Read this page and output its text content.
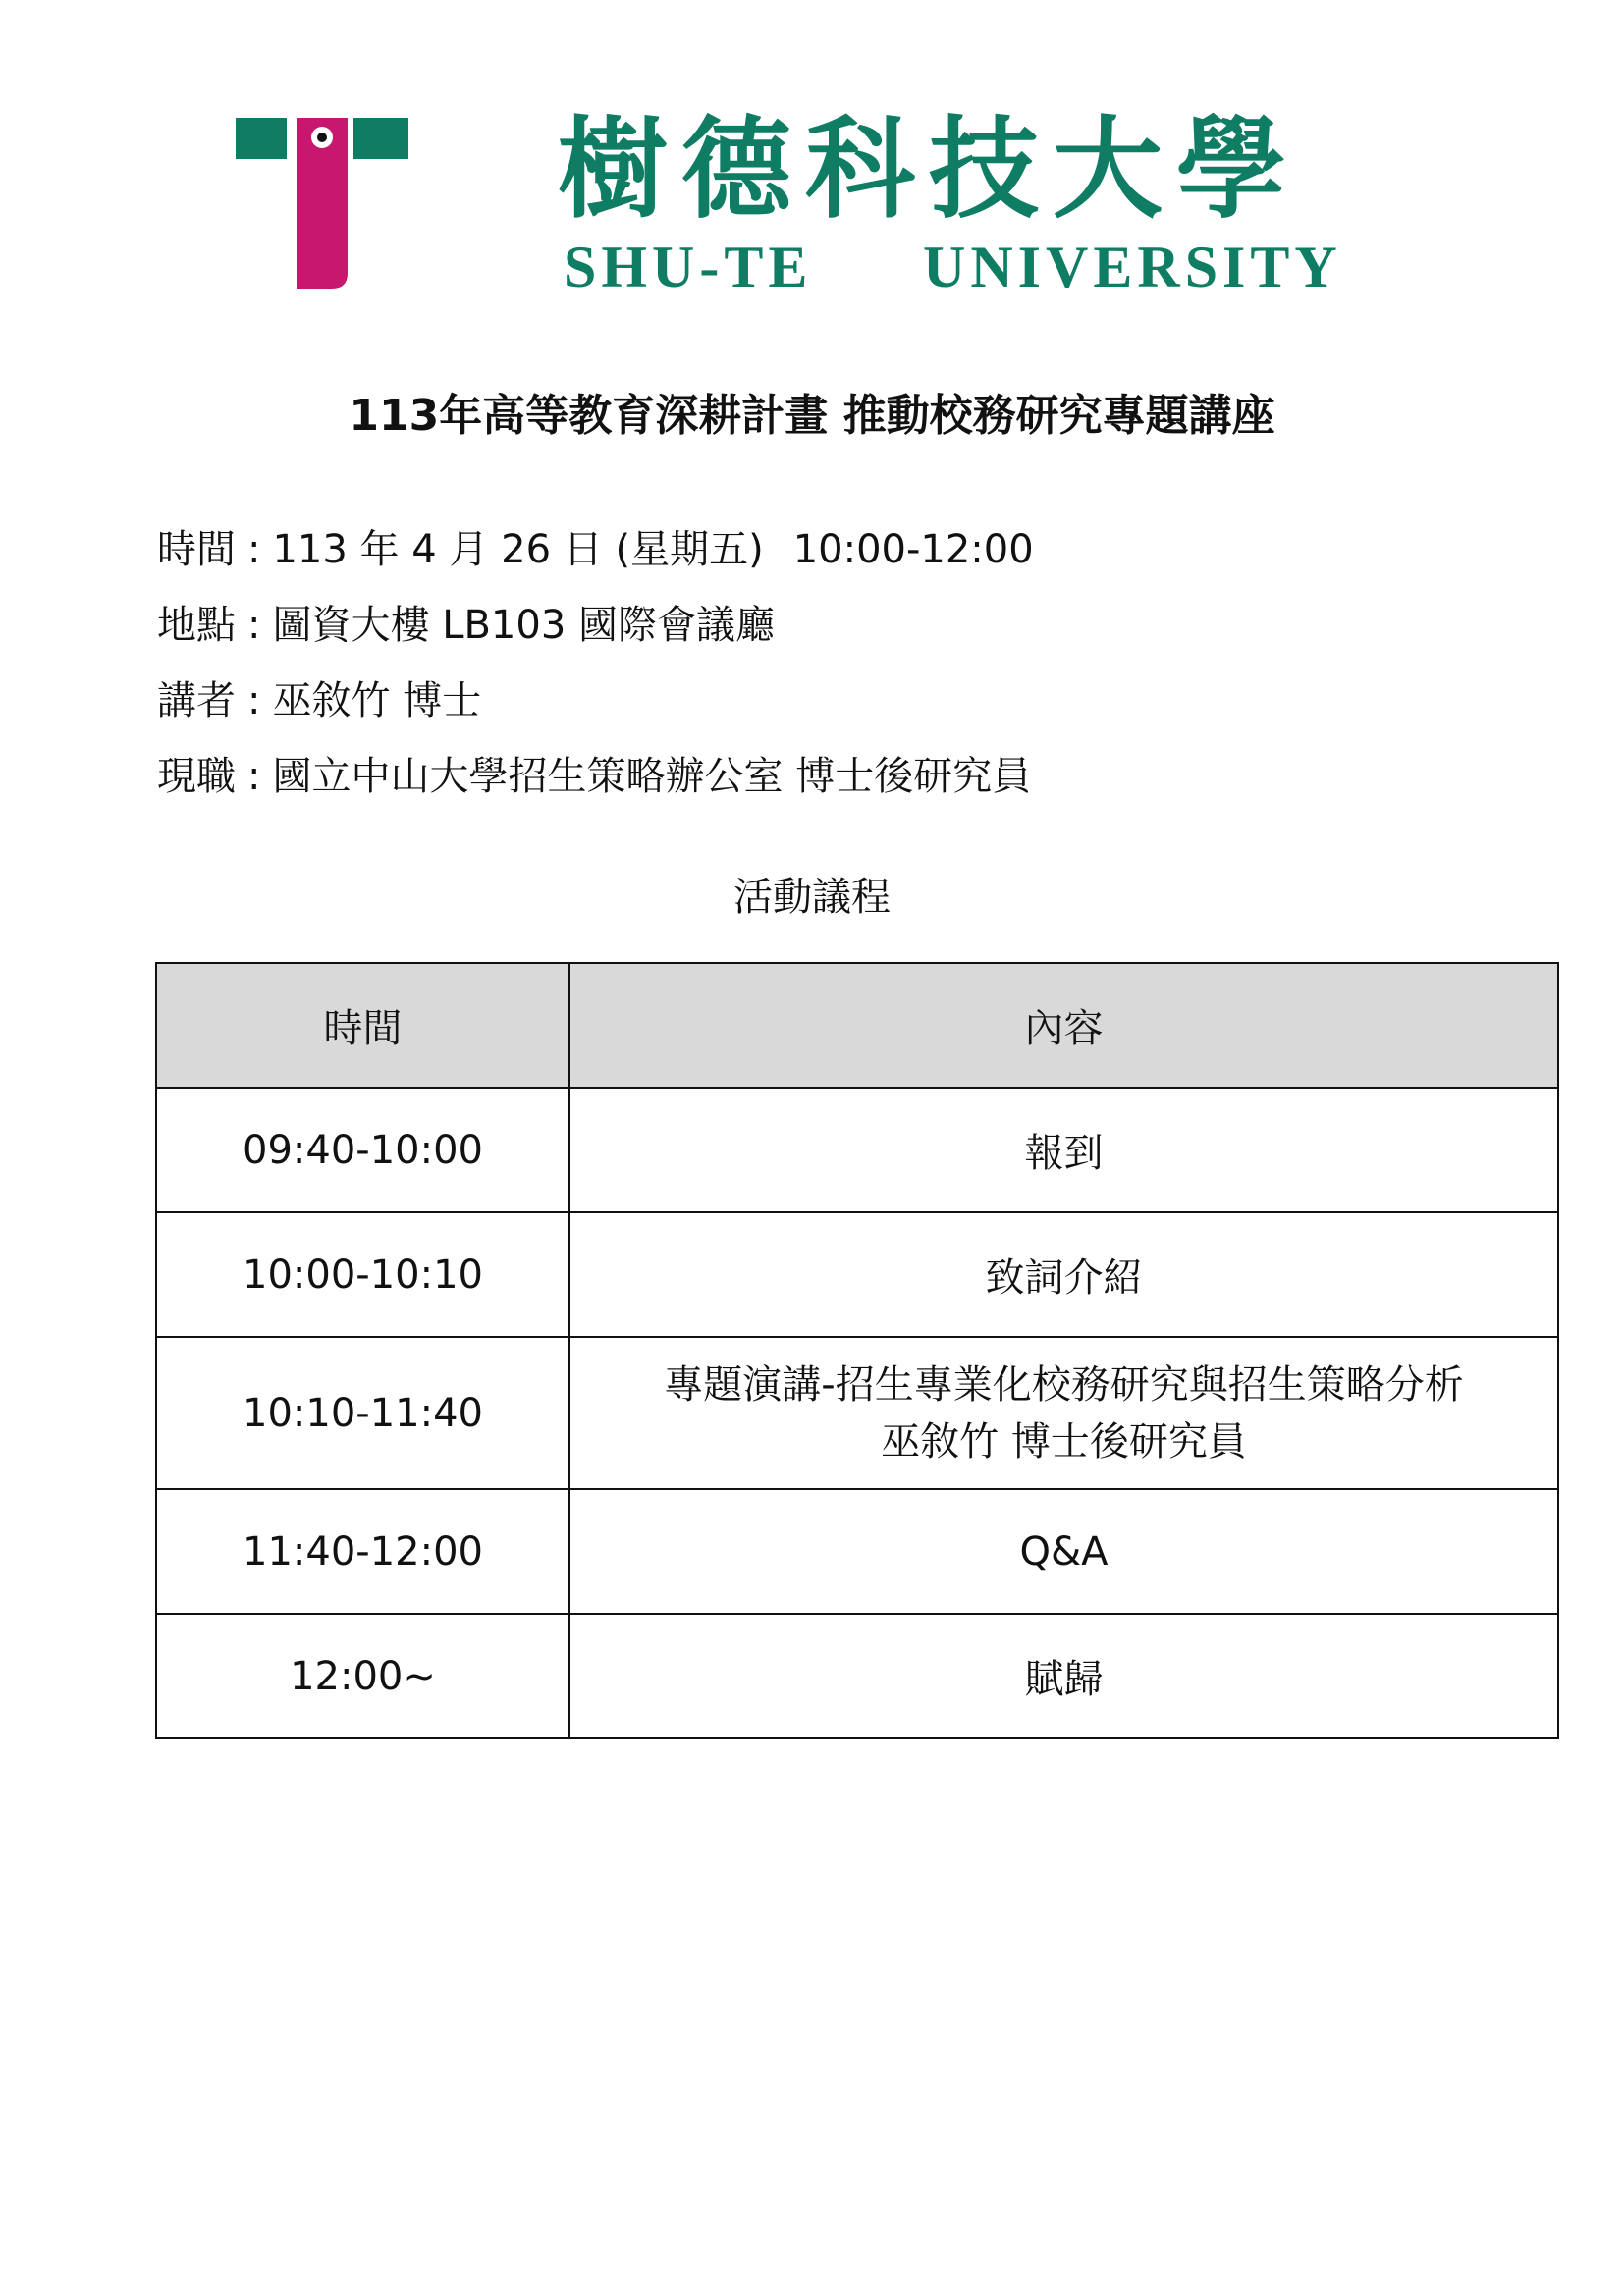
樹德科技大學
SHU-TE UNIVERSITY
113年高等教育深耕計畫 推動校務研究專題講座
時間 : 113 年 4 月 26 日 (星期五) 10:00-12:00
地點 : 圖資大樓 LB103 國際會議廳
講者 : 巫敘竹 博士
現職 : 國立中山大學招生策略辦公室 博士後研究員
活動議程
時間	內容
09:40-10:00	報到
10:00-10:10	致詞介紹
10:10-11:40	專題演講-招生專業化校務研究與招生策略分析
巫敘竹 博士後研究員

11:40-12:00	Q&A
12:00~	賦歸
